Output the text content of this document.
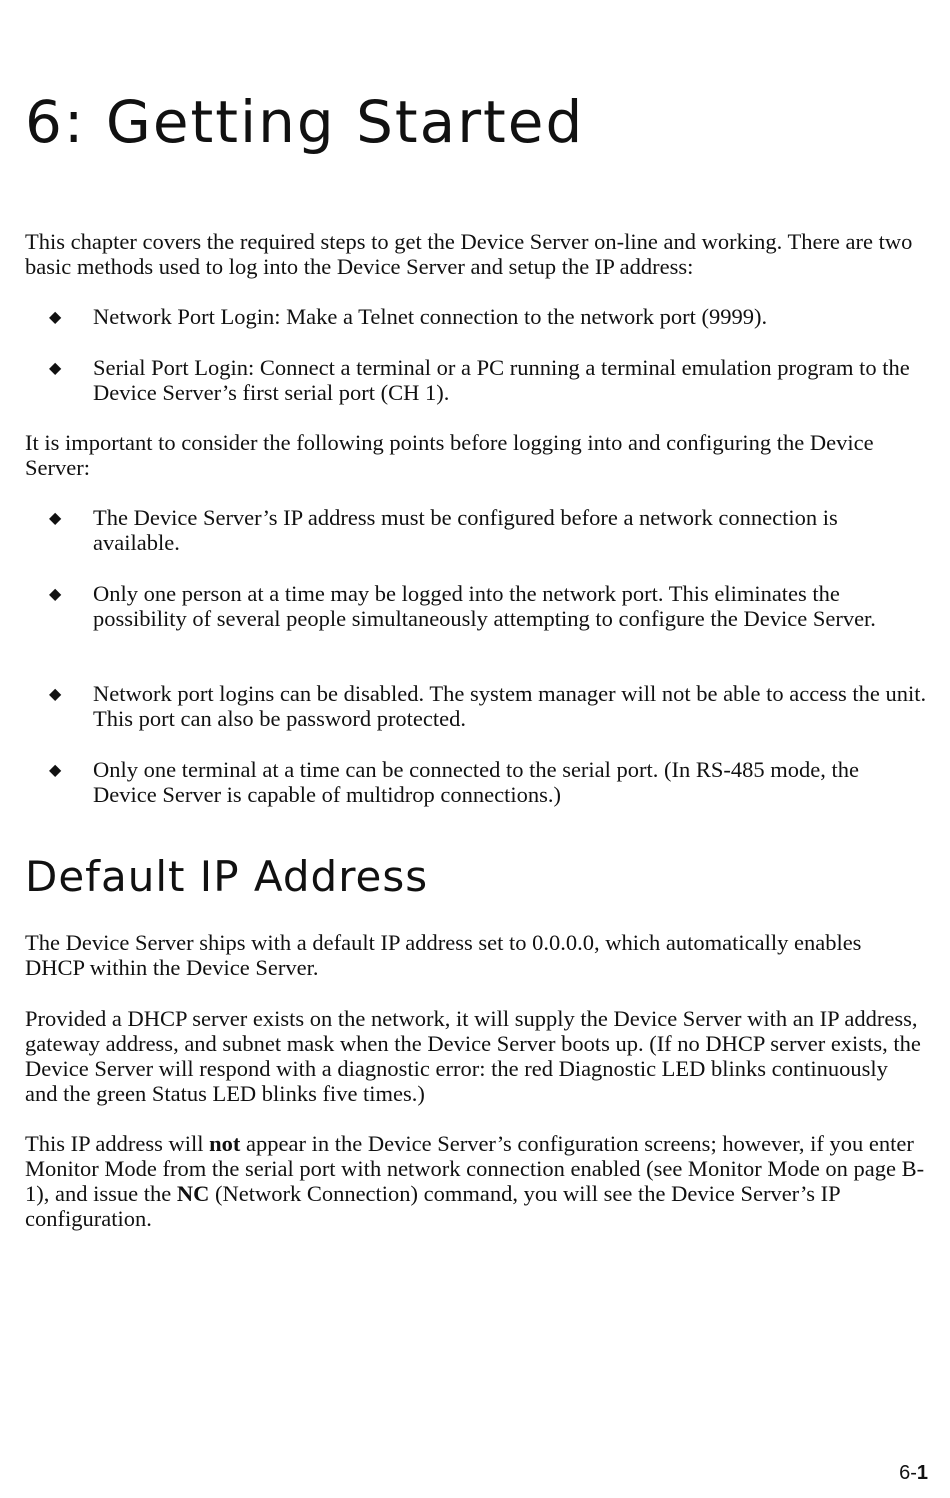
6: Getting Started

This chapter covers the required steps to get the Device Server on-line and working. There are two basic methods used to log into the Device Server and setup the IP address:

◆ Network Port Login: Make a Telnet connection to the network port (9999).

◆ Serial Port Login: Connect a terminal or a PC running a terminal emulation program to the Device Server’s first serial port (CH 1).

It is important to consider the following points before logging into and configuring the Device Server:

◆ The Device Server’s IP address must be configured before a network connection is available.

◆ Only one person at a time may be logged into the network port. This eliminates the possibility of several people simultaneously attempting to configure the Device Server.

◆ Network port logins can be disabled. The system manager will not be able to access the unit. This port can also be password protected.

◆ Only one terminal at a time can be connected to the serial port. (In RS-485 mode, the Device Server is capable of multidrop connections.)

Default IP Address

The Device Server ships with a default IP address set to 0.0.0.0, which automatically enables DHCP within the Device Server.

Provided a DHCP server exists on the network, it will supply the Device Server with an IP address, gateway address, and subnet mask when the Device Server boots up. (If no DHCP server exists, the Device Server will respond with a diagnostic error: the red Diagnostic LED blinks continuously and the green Status LED blinks five times.)

This IP address will not appear in the Device Server’s configuration screens; however, if you enter Monitor Mode from the serial port with network connection enabled (see Monitor Mode on page B-1), and issue the NC (Network Connection) command, you will see the Device Server’s IP configuration.

6-1
